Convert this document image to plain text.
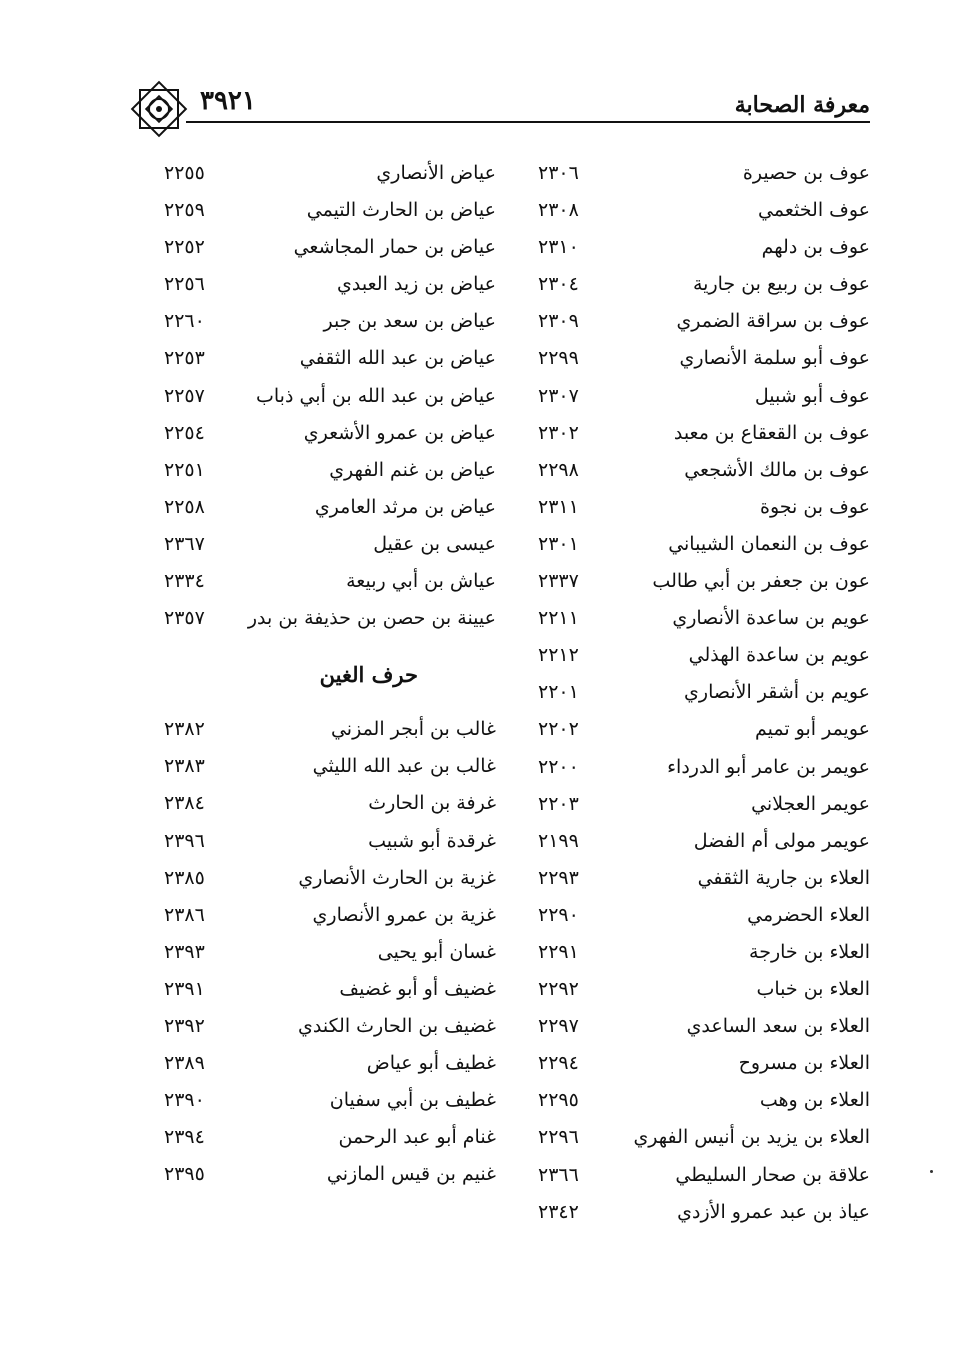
٣٩٢١	معرفة الصحابة
عوف بن حصيرة
٢٣٠٦
عوف الخثعمي
٢٣٠٨
عوف بن دلهم
٢٣١٠
عوف بن ربيع بن جارية
٢٣٠٤
عوف بن سراقة الضمري
٢٣٠٩
عوف أبو سلمة الأنصاري
٢٢٩٩
عوف أبو شبيل
٢٣٠٧
عوف بن القعقاع بن معبد
٢٣٠٢
عوف بن مالك الأشجعي
٢٢٩٨
عوف بن نجوة
٢٣١١
عوف بن النعمان الشيباني
٢٣٠١
عون بن جعفر بن أبي طالب
٢٣٣٧
عويم بن ساعدة الأنصاري
٢٢١١
عويم بن ساعدة الهذلي
٢٢١٢
عويم بن أشقر الأنصاري
٢٢٠١
عويمر أبو تميم
٢٢٠٢
عويمر بن عامر أبو الدرداء
٢٢٠٠
عويمر العجلاني
٢٢٠٣
عويمر مولى أم الفضل
٢١٩٩
العلاء بن جارية الثقفي
٢٢٩٣
العلاء الحضرمي
٢٢٩٠
العلاء بن خارجة
٢٢٩١
العلاء بن خباب
٢٢٩٢
العلاء بن سعد الساعدي
٢٢٩٧
العلاء بن مسروح
٢٢٩٤
العلاء بن وهب
٢٢٩٥
العلاء بن يزيد بن أنيس الفهري
٢٢٩٦
علاقة بن صحار السليطي
٢٣٦٦
عياذ بن عبد عمرو الأزدي
٢٣٤٢
عياض الأنصاري
٢٢٥٥
عياض بن الحارث التيمي
٢٢٥٩
عياض بن حمار المجاشعي
٢٢٥٢
عياض بن زيد العبدي
٢٢٥٦
عياض بن سعد بن جبر
٢٢٦٠
عياض بن عبد الله الثقفي
٢٢٥٣
عياض بن عبد الله بن أبي ذباب
٢٢٥٧
عياض بن عمرو الأشعري
٢٢٥٤
عياض بن غنم الفهري
٢٢٥١
عياض بن مرثد العامري
٢٢٥٨
عيسى بن عقيل
٢٣٦٧
عياش بن أبي ربيعة
٢٣٣٤
عيينة بن حصن بن حذيفة بن بدر
٢٣٥٧
حرف الغين
غالب بن أبجر المزني
٢٣٨٢
غالب بن عبد الله الليثي
٢٣٨٣
غرفة بن الحارث
٢٣٨٤
غرقدة أبو شبيب
٢٣٩٦
غزية بن الحارث الأنصاري
٢٣٨٥
غزية بن عمرو الأنصاري
٢٣٨٦
غسان أبو يحيى
٢٣٩٣
غضيف أو أبو غضيف
٢٣٩١
غضيف بن الحارث الكندي
٢٣٩٢
غطيف أبو عياض
٢٣٨٩
غطيف بن أبي سفيان
٢٣٩٠
غنام أبو عبد الرحمن
٢٣٩٤
غنيم بن قيس المازني
٢٣٩٥
